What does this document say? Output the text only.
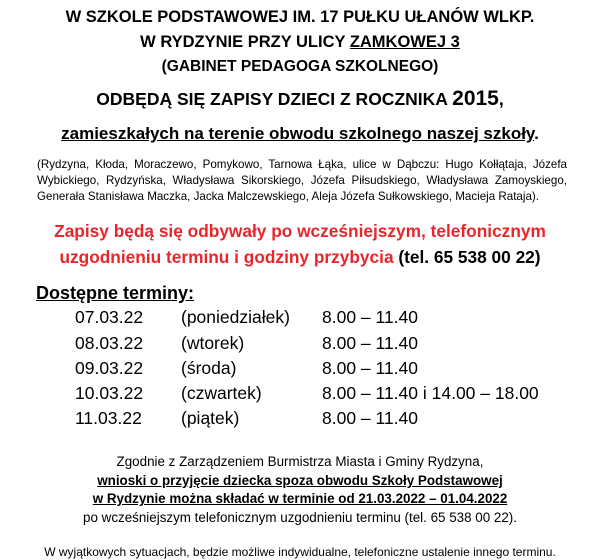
W SZKOLE PODSTAWOWEJ IM. 17 PUŁKU UŁANÓW WLKP.
W RYDZYNIE PRZY ULICY ZAMKOWEJ 3
(GABINET PEDAGOGA SZKOLNEGO)
ODBĘDĄ SIĘ ZAPISY DZIECI Z ROCZNIKA 2015,
zamieszkałych na terenie obwodu szkolnego naszej szkoły.
(Rydzyna, Kłoda, Moraczewo, Pomykowo, Tarnowa Łąka, ulice w Dąbczu: Hugo Kołłątaja, Józefa
Wybickiego, Rydzyńska, Władysława Sikorskiego, Józefa Piłsudskiego, Władysława Zamoyskiego,
Generała Stanisława Maczka, Jacka Malczewskiego, Aleja Józefa Sułkowskiego, Macieja Rataja).
Zapisy będą się odbywały po wcześniejszym, telefonicznym
uzgodnieniu terminu i godziny przybycia (tel. 65 538 00 22)
Dostępne terminy:
07.03.22 (poniedziałek) 8.00 – 11.40
08.03.22 (wtorek)	8.00 – 11.40
09.03.22 (środa)	8.00 – 11.40
10.03.22 (czwartek)	8.00 – 11.40 i 14.00 – 18.00
11.03.22 (piątek)	8.00 – 11.40
Zgodnie z Zarządzeniem Burmistrza Miasta i Gminy Rydzyna,
wnioski o przyjęcie dziecka spoza obwodu Szkoły Podstawowej
w Rydzynie można składać w terminie od 21.03.2022 – 01.04.2022
po wcześniejszym telefonicznym uzgodnieniu terminu (tel. 65 538 00 22).
W wyjątkowych sytuacjach, będzie możliwe indywidualne, telefoniczne ustalenie innego terminu.
